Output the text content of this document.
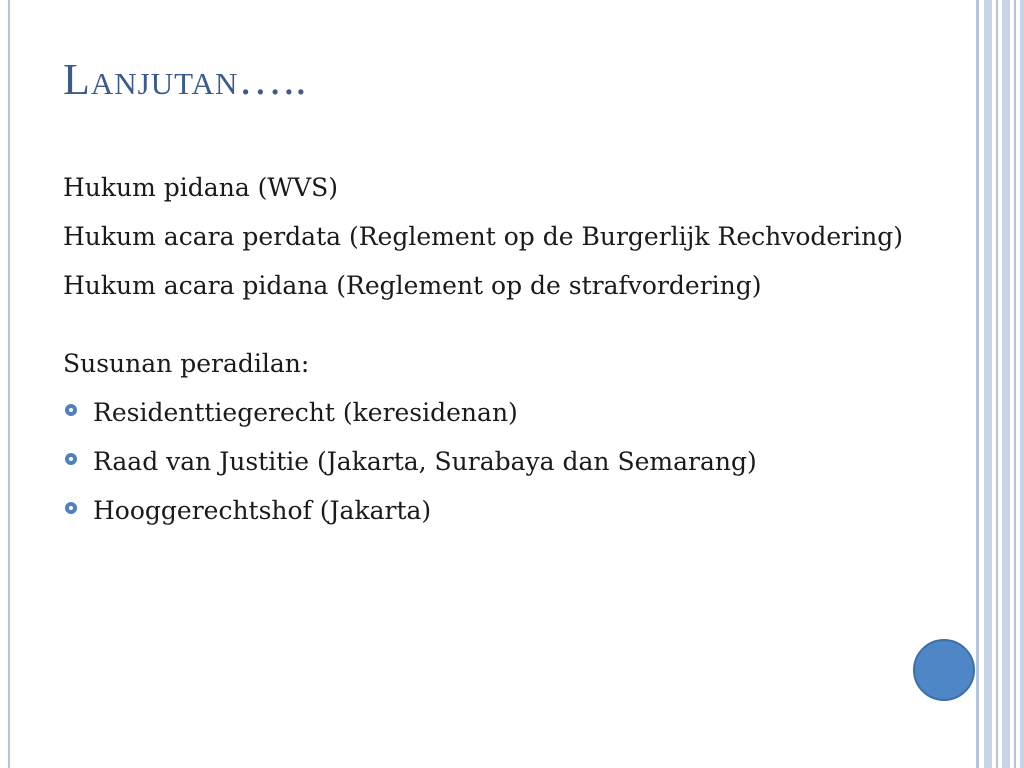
Lanjutan…..

Hukum pidana (WVS)

Hukum acara perdata (Reglement op de Burgerlijk Rechvodering)

Hukum acara pidana (Reglement op de strafvordering)

Susunan peradilan:

Residenttiegerecht (keresidenan)
Raad van Justitie (Jakarta, Surabaya dan Semarang)
Hooggerechtshof (Jakarta)
